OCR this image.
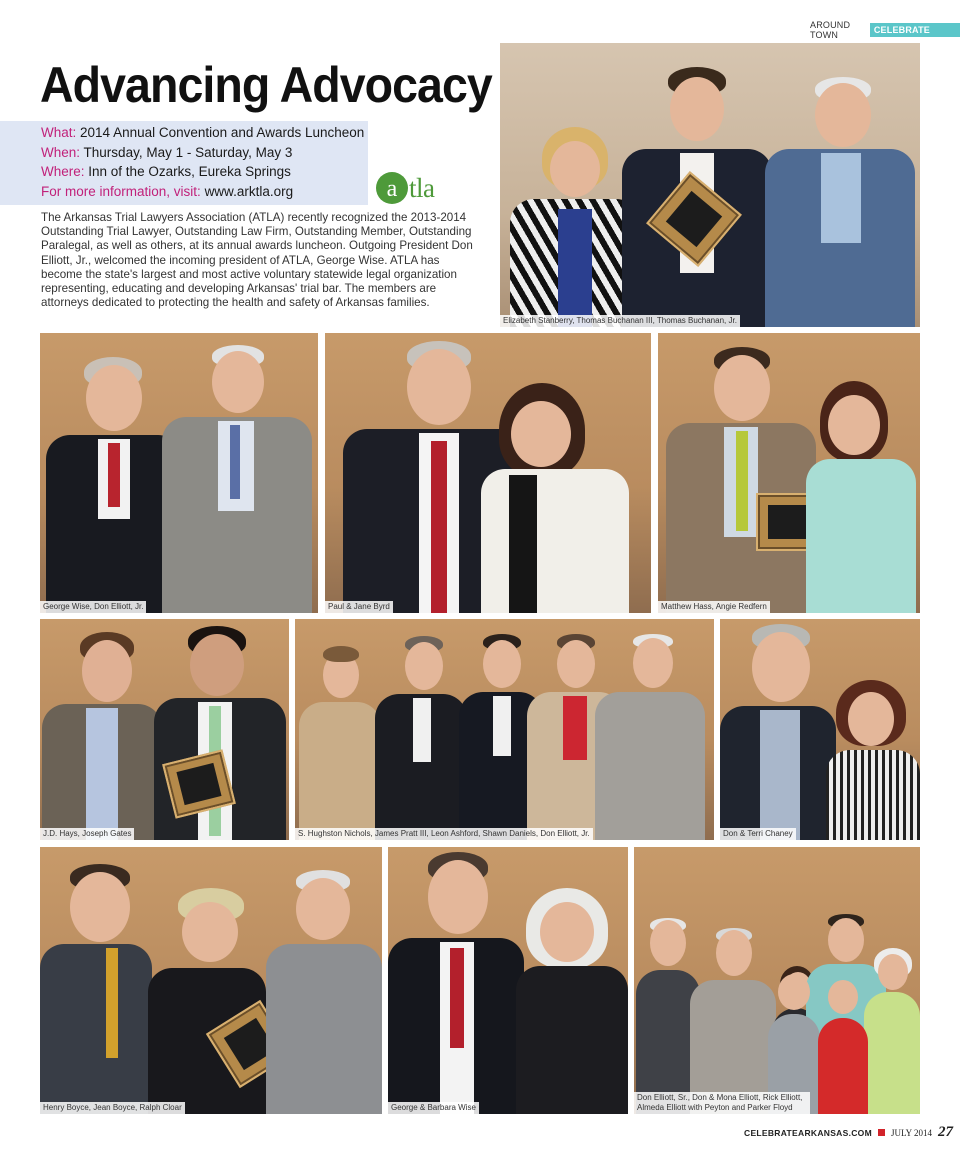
AROUND TOWN	CELEBRATE
Advancing Advocacy
What: 2014 Annual Convention and Awards Luncheon
When: Thursday, May 1 - Saturday, May 3
Where: Inn of the Ozarks, Eureka Springs
For more information, visit: www.arktla.org	a tla
The Arkansas Trial Lawyers Association (ATLA) recently recognized the 2013-2014 Outstanding Trial Lawyer, Outstanding Law Firm, Outstanding Member, Outstanding Paralegal, as well as others, at its annual awards luncheon. Outgoing President Don Elliott, Jr., welcomed the incoming president of ATLA, George Wise. ATLA has become the state's largest and most active voluntary statewide legal organization representing, educating and developing Arkansas' trial bar. The members are attorneys dedicated to protecting the health and safety of Arkansas families.
Elizabeth Stanberry, Thomas Buchanan III, Thomas Buchanan, Jr.
George Wise, Don Elliott, Jr.	Paul & Jane Byrd	Matthew Hass, Angie Redfern
J.D. Hays, Joseph Gates	S. Hughston Nichols, James Pratt III, Leon Ashford, Shawn Daniels, Don Elliott, Jr.	Don & Terri Chaney
Henry Boyce, Jean Boyce, Ralph Cloar	George & Barbara Wise
Don Elliott, Sr., Don & Mona Elliott, Rick Elliott,
Almeda Elliott with Peyton and Parker Floyd
CELEBRATEARKANSAS.COM JULY 2014 27
